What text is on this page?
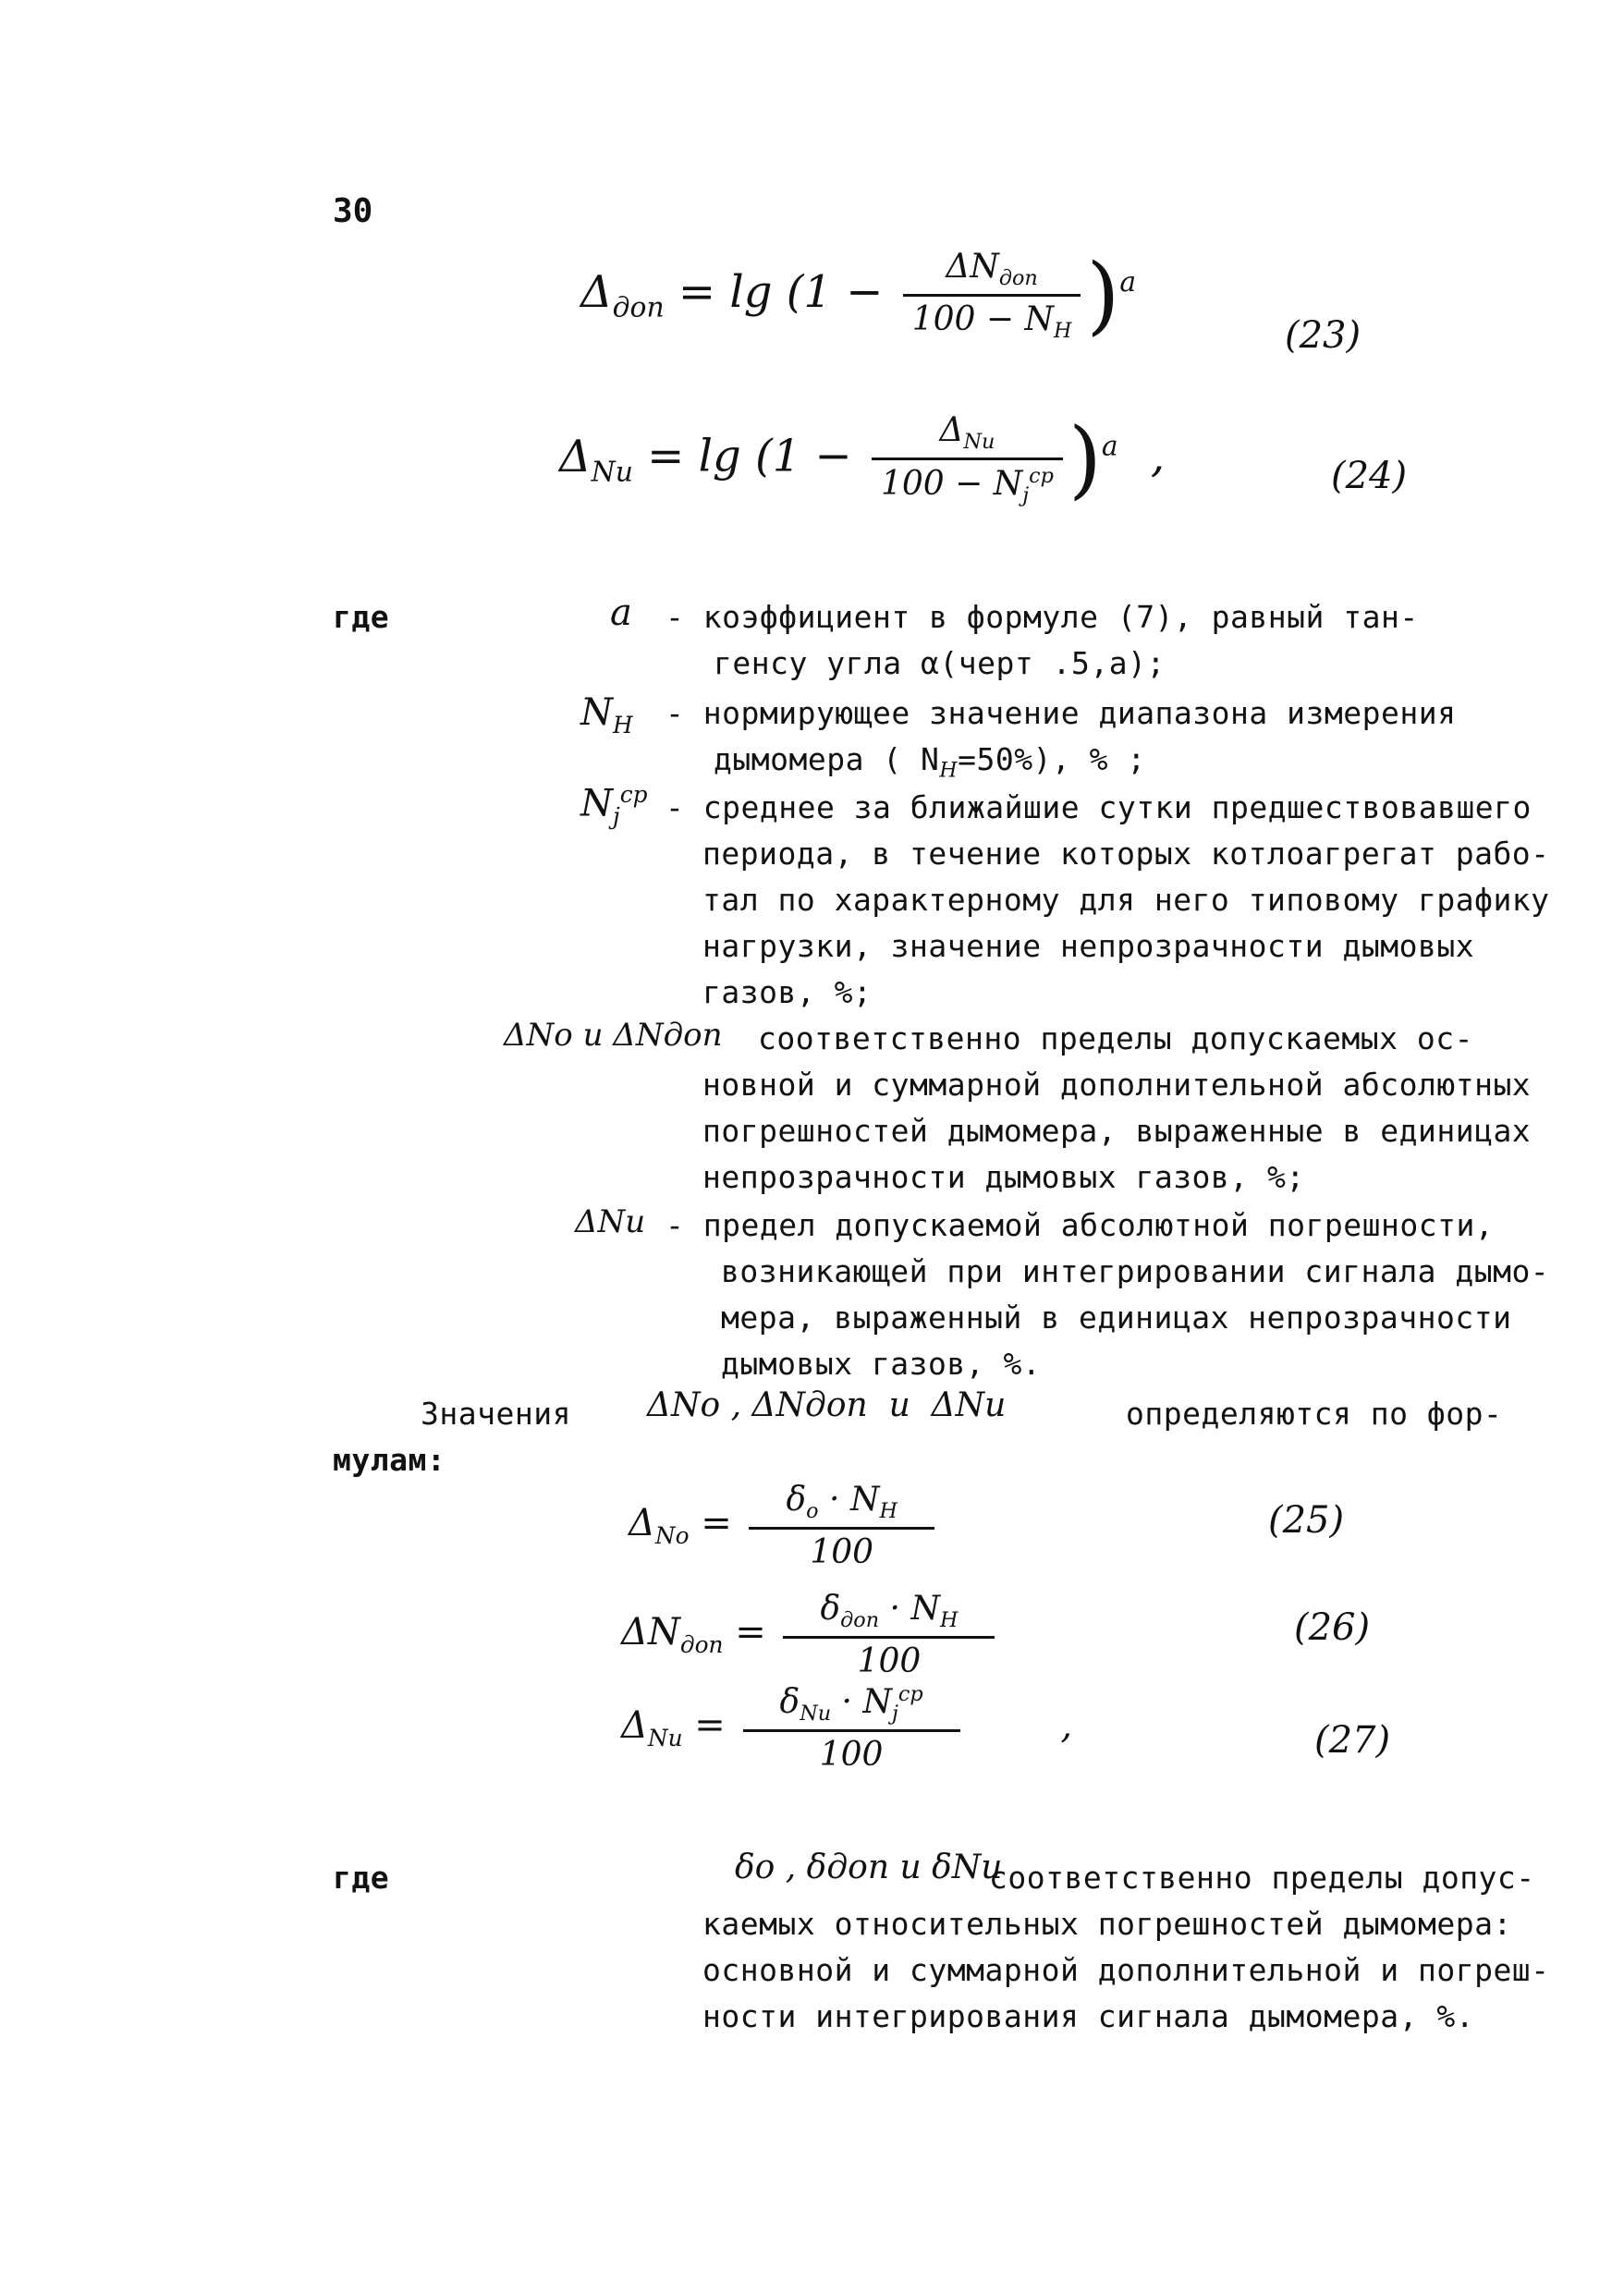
30
$\Delta_{доп} = \lg (1 - \frac{\Delta N_{доп}}{100 - N_H} )^a$
(23)
$\Delta_{Nи} = \lg (1 - \frac{\Delta_{Nи}}{100 - N_j^{ср}} )^a$ ,	(24)
где	a - коэффициент в формуле (7), равный тан-
генсу угла α(черт .5,а);
$N_H$ - нормирующее значение диапазона измерения
дымомера ( $N_H=50\%$), % ;
$N_j^{ср}$ - среднее за ближайшие сутки предшествовавшего
периода, в течение которых котлоагрегат рабо-
тал по характерному для него типовому графику
нагрузки, значение непрозрачности дымовых
газов, %;
ΔNo и ΔNдоп соответственно пределы допускаемых ос-
новной и суммарной дополнительной абсолютных
погрешностей дымомера, выраженные в единицах
непрозрачности дымовых газов, %;
ΔNи - предел допускаемой абсолютной погрешности,
возникающей при интегрировании сигнала дымо-
мера, выраженный в единицах непрозрачности
дымовых газов, %.
Значения ΔNo , ΔNдоп  и  ΔNи	определяются по фор-
мулам:
$\Delta_{No} = \frac{\delta_o \cdot N_H}{100}$	(25)
$\Delta N_{доп} = \frac{\delta_{доп} \cdot N_H}{100}$	(26)
$\Delta_{Nи} = \frac{\delta_{Nи} \cdot N_j^{ср}}{100}$	,	(27)
где	δo , δдоп и δNи
соответственно пределы допус-
каемых относительных погрешностей дымомера:
основной и суммарной дополнительной и погреш-
ности интегрирования сигнала дымомера, %.
